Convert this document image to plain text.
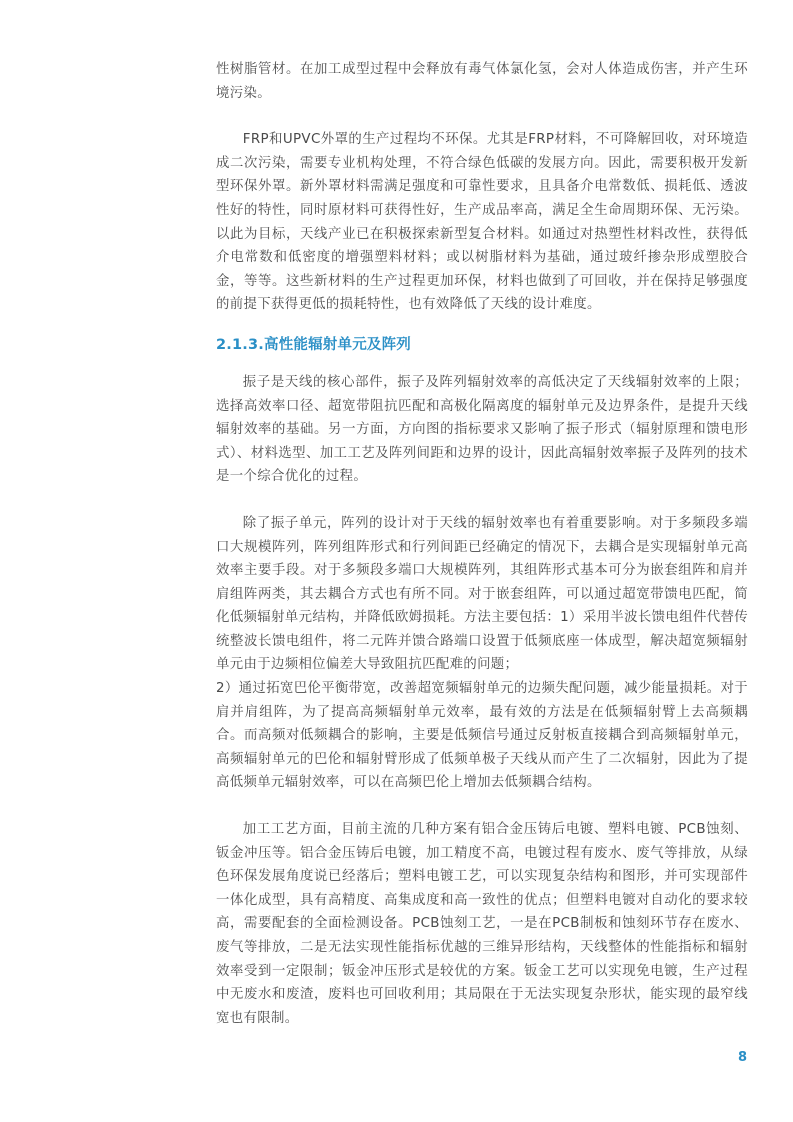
性树脂管材。在加工成型过程中会释放有毒气体氯化氢，会对人体造成伤害，并产生环境污染。

FRP和UPVC外罩的生产过程均不环保。尤其是FRP材料，不可降解回收，对环境造成二次污染，需要专业机构处理，不符合绿色低碳的发展方向。因此，需要积极开发新型环保外罩。新外罩材料需满足强度和可靠性要求，且具备介电常数低、损耗低、透波性好的特性，同时原材料可获得性好，生产成品率高，满足全生命周期环保、无污染。以此为目标，天线产业已在积极探索新型复合材料。如通过对热塑性材料改性，获得低介电常数和低密度的增强塑料材料；或以树脂材料为基础，通过玻纤掺杂形成塑胶合金，等等。这些新材料的生产过程更加环保，材料也做到了可回收，并在保持足够强度的前提下获得更低的损耗特性，也有效降低了天线的设计难度。

2.1.3.高性能辐射单元及阵列

振子是天线的核心部件，振子及阵列辐射效率的高低决定了天线辐射效率的上限；选择高效率口径、超宽带阻抗匹配和高极化隔离度的辐射单元及边界条件，是提升天线辐射效率的基础。另一方面，方向图的指标要求又影响了振子形式（辐射原理和馈电形式）、材料选型、加工工艺及阵列间距和边界的设计，因此高辐射效率振子及阵列的技术是一个综合优化的过程。

除了振子单元，阵列的设计对于天线的辐射效率也有着重要影响。对于多频段多端口大规模阵列，阵列组阵形式和行列间距已经确定的情况下，去耦合是实现辐射单元高效率主要手段。对于多频段多端口大规模阵列，其组阵形式基本可分为嵌套组阵和肩并肩组阵两类，其去耦合方式也有所不同。对于嵌套组阵，可以通过超宽带馈电匹配，简化低频辐射单元结构，并降低欧姆损耗。方法主要包括：1）采用半波长馈电组件代替传统整波长馈电组件，将二元阵并馈合路端口设置于低频底座一体成型，解决超宽频辐射单元由于边频相位偏差大导致阻抗匹配难的问题；

2）通过拓宽巴伦平衡带宽，改善超宽频辐射单元的边频失配问题，减少能量损耗。对于肩并肩组阵，为了提高高频辐射单元效率，最有效的方法是在低频辐射臂上去高频耦合。而高频对低频耦合的影响，主要是低频信号通过反射板直接耦合到高频辐射单元，高频辐射单元的巴伦和辐射臂形成了低频单极子天线从而产生了二次辐射，因此为了提高低频单元辐射效率，可以在高频巴伦上增加去低频耦合结构。

加工工艺方面，目前主流的几种方案有铝合金压铸后电镀、塑料电镀、PCB蚀刻、钣金冲压等。铝合金压铸后电镀，加工精度不高，电镀过程有废水、废气等排放，从绿色环保发展角度说已经落后；塑料电镀工艺，可以实现复杂结构和图形，并可实现部件一体化成型，具有高精度、高集成度和高一致性的优点；但塑料电镀对自动化的要求较高，需要配套的全面检测设备。PCB蚀刻工艺，一是在PCB制板和蚀刻环节存在废水、废气等排放，二是无法实现性能指标优越的三维异形结构，天线整体的性能指标和辐射效率受到一定限制；钣金冲压形式是较优的方案。钣金工艺可以实现免电镀，生产过程中无废水和废渣，废料也可回收利用；其局限在于无法实现复杂形状，能实现的最窄线宽也有限制。

8
